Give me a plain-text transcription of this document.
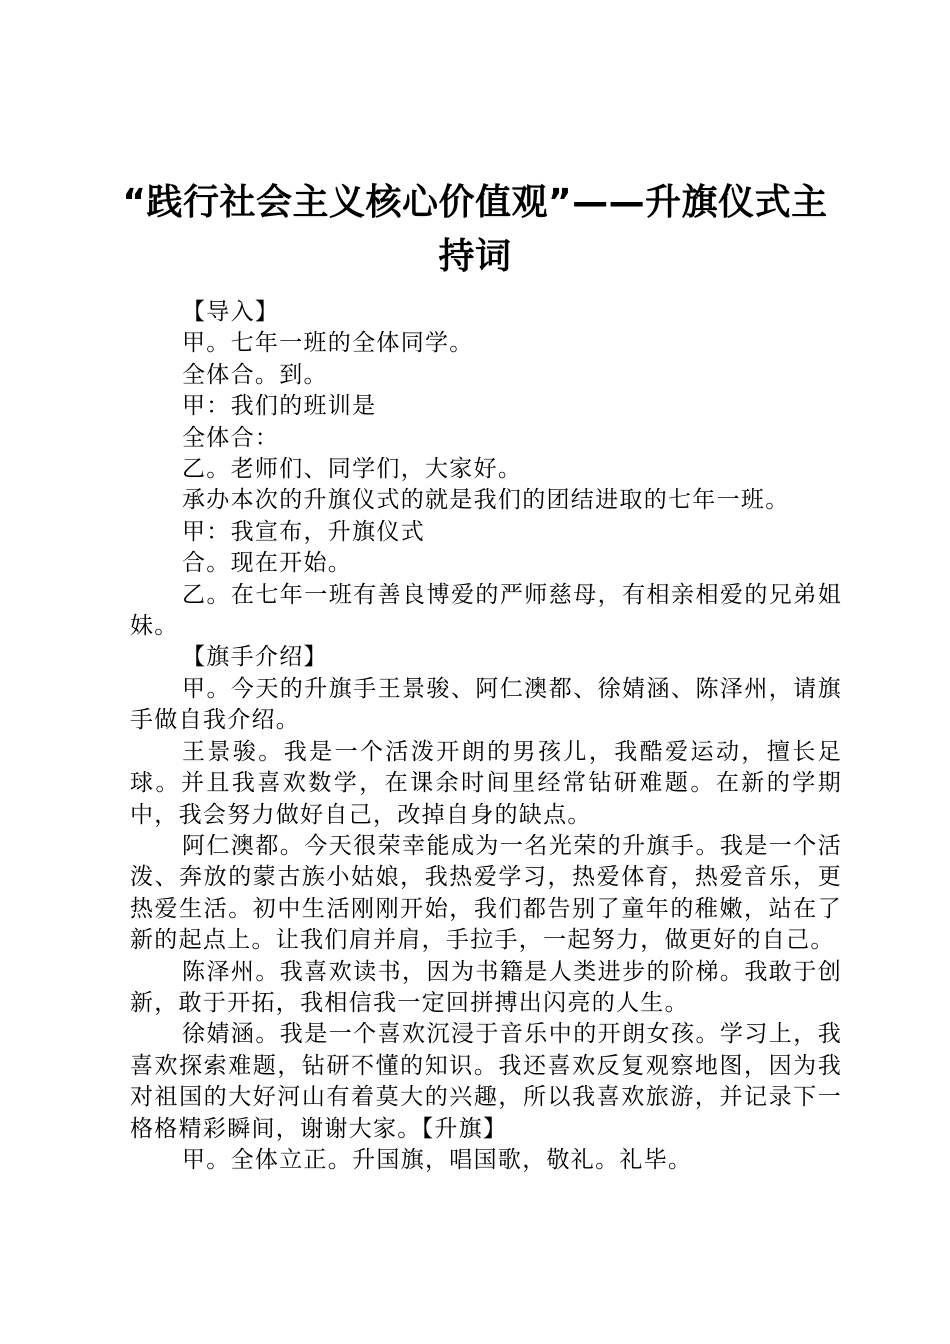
“践行社会主义核心价值观”——升旗仪式主持词

【导入】

甲。七年一班的全体同学。

全体合。到。

甲：我们的班训是

全体合：

乙。老师们、同学们，大家好。

承办本次的升旗仪式的就是我们的团结进取的七年一班。

甲：我宣布，升旗仪式

合。现在开始。

乙。在七年一班有善良博爱的严师慈母，有相亲相爱的兄弟姐妹。

【旗手介绍】

甲。今天的升旗手王景骏、阿仁澳都、徐婧涵、陈泽州，请旗手做自我介绍。

王景骏。我是一个活泼开朗的男孩儿，我酷爱运动，擅长足球。并且我喜欢数学，在课余时间里经常钻研难题。在新的学期中，我会努力做好自己，改掉自身的缺点。

阿仁澳都。今天很荣幸能成为一名光荣的升旗手。我是一个活泼、奔放的蒙古族小姑娘，我热爱学习，热爱体育，热爱音乐，更热爱生活。初中生活刚刚开始，我们都告别了童年的稚嫩，站在了新的起点上。让我们肩并肩，手拉手，一起努力，做更好的自己。

陈泽州。我喜欢读书，因为书籍是人类进步的阶梯。我敢于创新，敢于开拓，我相信我一定回拼搏出闪亮的人生。

徐婧涵。我是一个喜欢沉浸于音乐中的开朗女孩。学习上，我喜欢探索难题，钻研不懂的知识。我还喜欢反复观察地图，因为我对祖国的大好河山有着莫大的兴趣，所以我喜欢旅游，并记录下一格格精彩瞬间，谢谢大家。【升旗】

甲。全体立正。升国旗，唱国歌，敬礼。礼毕。
